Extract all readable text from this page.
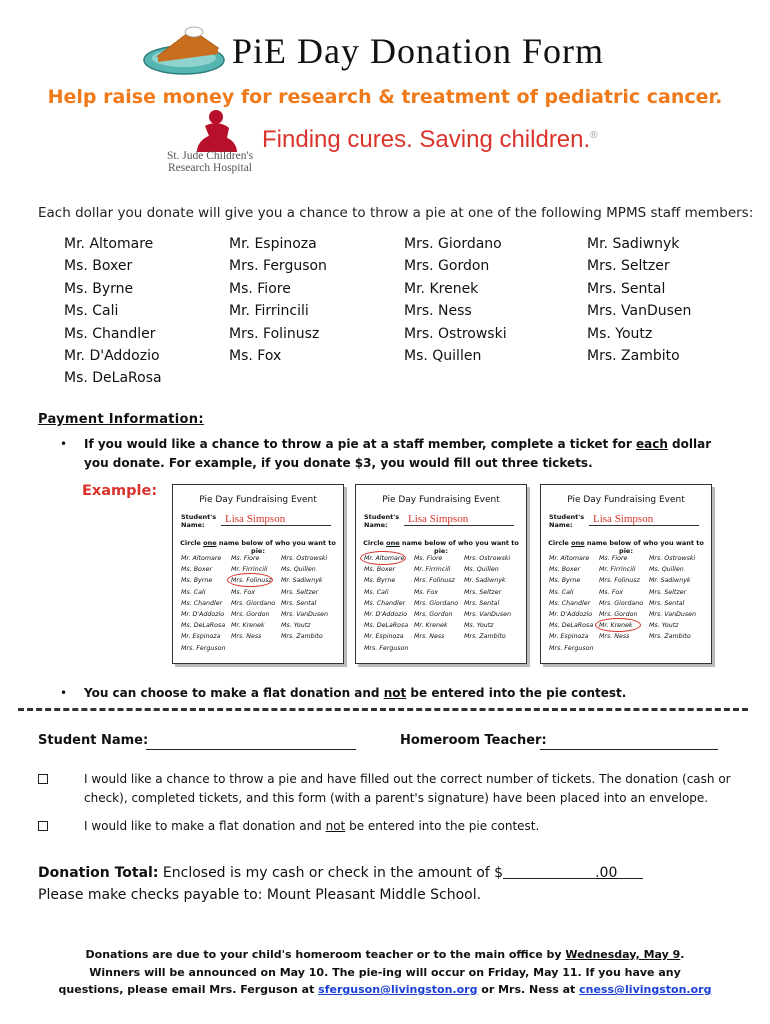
PiE Day Donation Form
Help raise money for research & treatment of pediatric cancer.
St. Jude Children's
Research Hospital
Finding cures. Saving children.®
Each dollar you donate will give you a chance to throw a pie at one of the following MPMS staff members:
Mr. Altomare
Ms. Boxer
Ms. Byrne
Ms. Cali
Ms. Chandler
Mr. D'Addozio
Ms. DeLaRosa
Mr. Espinoza
Mrs. Ferguson
Ms. Fiore
Mr. Firrincili
Mrs. Folinusz
Ms. Fox
Mrs. Giordano
Mrs. Gordon
Mr. Krenek
Mrs. Ness
Mrs. Ostrowski
Ms. Quillen
Mr. Sadiwnyk
Mrs. Seltzer
Mrs. Sental
Mrs. VanDusen
Ms. Youtz
Mrs. Zambito
Payment Information:
• If you would like a chance to throw a pie at a staff member, complete a ticket for each dollar you donate. For example, if you donate $3, you would fill out three tickets.
Example:
Pie Day Fundraising Event
Student's Name:	Lisa Simpson
Circle one name below of who you want to pie:
Mr. Altomare
Ms. Boxer
Ms. Byrne
Ms. Cali
Ms. Chandler
Mr. D'Addozio
Ms. DeLaRosa
Mr. Espinoza
Mrs. Ferguson
Ms. Fiore
Mr. Firrincili
Mrs. Folinusz
Ms. Fox
Mrs. Giordano
Mrs. Gordon
Mr. Krenek
Mrs. Ness
Mrs. Ostrowski
Ms. Quillen
Mr. Sadiwnyk
Mrs. Seltzer
Mrs. Sental
Mrs. VanDusen
Ms. Youtz
Mrs. Zambito
Pie Day Fundraising Event
Student's Name:	Lisa Simpson
Circle one name below of who you want to pie:
Mr. Altomare
Ms. Boxer
Ms. Byrne
Ms. Cali
Ms. Chandler
Mr. D'Addozio
Ms. DeLaRosa
Mr. Espinoza
Mrs. Ferguson
Ms. Fiore
Mr. Firrincili
Mrs. Folinusz
Ms. Fox
Mrs. Giordano
Mrs. Gordon
Mr. Krenek
Mrs. Ness
Mrs. Ostrowski
Ms. Quillen
Mr. Sadiwnyk
Mrs. Seltzer
Mrs. Sental
Mrs. VanDusen
Ms. Youtz
Mrs. Zambito
Pie Day Fundraising Event
Student's Name:	Lisa Simpson
Circle one name below of who you want to pie:
Mr. Altomare
Ms. Boxer
Ms. Byrne
Ms. Cali
Ms. Chandler
Mr. D'Addozio
Ms. DeLaRosa
Mr. Espinoza
Mrs. Ferguson
Ms. Fiore
Mr. Firrincili
Mrs. Folinusz
Ms. Fox
Mrs. Giordano
Mrs. Gordon
Mr. Krenek
Mrs. Ness
Mrs. Ostrowski
Ms. Quillen
Mr. Sadiwnyk
Mrs. Seltzer
Mrs. Sental
Mrs. VanDusen
Ms. Youtz
Mrs. Zambito
• You can choose to make a flat donation and not be entered into the pie contest.
Student Name:	Homeroom Teacher:
I would like a chance to throw a pie and have filled out the correct number of tickets. The donation (cash or check), completed tickets, and this form (with a parent's signature) have been placed into an envelope.
I would like to make a flat donation and not be entered into the pie contest.
Donation Total: Enclosed is my cash or check in the amount of $	.00
Please make checks payable to: Mount Pleasant Middle School.
Donations are due to your child's homeroom teacher or to the main office by Wednesday, May 9.
Winners will be announced on May 10. The pie-ing will occur on Friday, May 11. If you have any
questions, please email Mrs. Ferguson at sferguson@livingston.org or Mrs. Ness at cness@livingston.org
